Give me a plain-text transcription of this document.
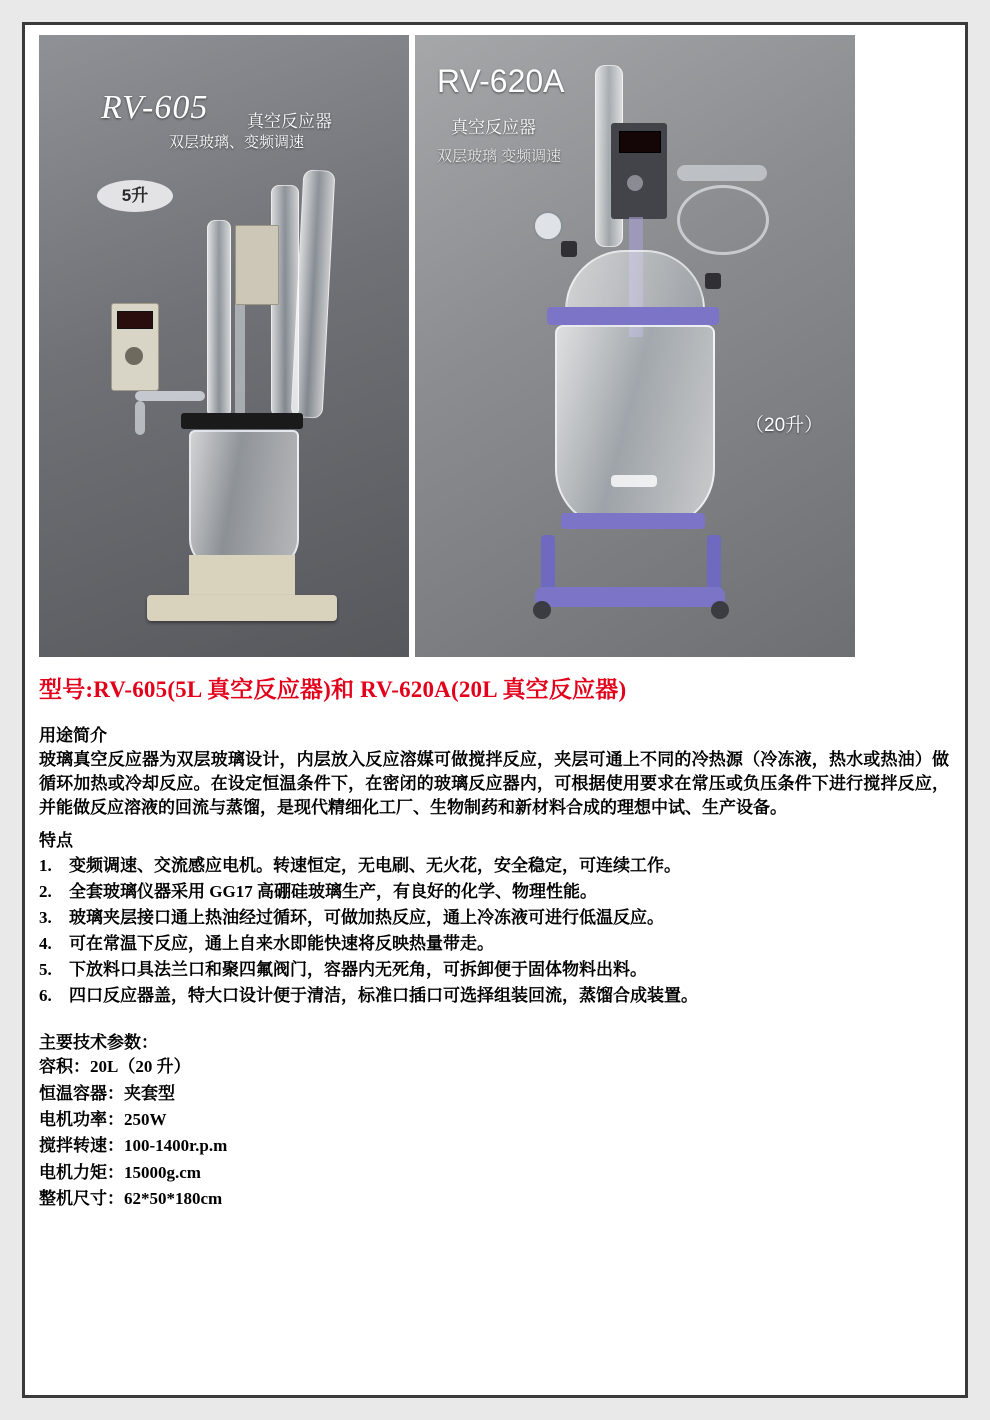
RV-605 真空反应器
双层玻璃、变频调速
5升
RV-620A
真空反应器
双层玻璃 变频调速
（20升）
型号:RV-605(5L 真空反应器)和 RV-620A(20L 真空反应器)
用途简介
玻璃真空反应器为双层玻璃设计，内层放入反应溶媒可做搅拌反应，夹层可通上不同的冷热源（冷冻液，热水或热油）做循环加热或冷却反应。在设定恒温条件下，在密闭的玻璃反应器内，可根据使用要求在常压或负压条件下进行搅拌反应，并能做反应溶液的回流与蒸馏，是现代精细化工厂、生物制药和新材料合成的理想中试、生产设备。
特点
1.	变频调速、交流感应电机。转速恒定，无电刷、无火花，安全稳定，可连续工作。
2.	全套玻璃仪器采用 GG17 高硼硅玻璃生产，有良好的化学、物理性能。
3.	玻璃夹层接口通上热油经过循环，可做加热反应，通上冷冻液可进行低温反应。
4.	可在常温下反应，通上自来水即能快速将反映热量带走。
5.	下放料口具法兰口和聚四氟阀门，容器内无死角，可拆卸便于固体物料出料。
6.	四口反应器盖，特大口设计便于清洁，标准口插口可选择组装回流，蒸馏合成装置。
主要技术参数：
容积：20L（20 升）
恒温容器：夹套型
电机功率：250W
搅拌转速：100-1400r.p.m
电机力矩：15000g.cm
整机尺寸：62*50*180cm
